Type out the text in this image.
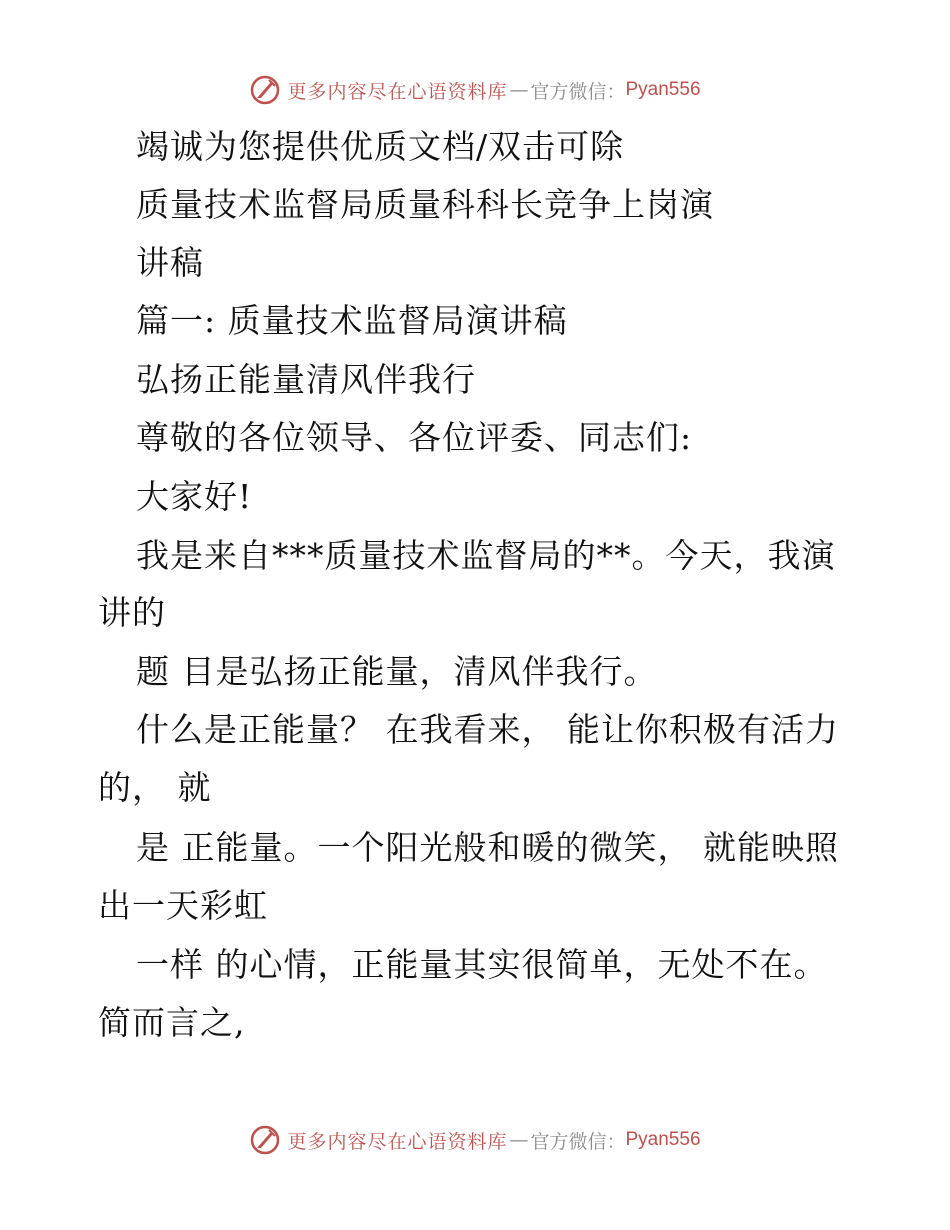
更多内容尽在心语资料库 — 官方微信： Pyan556
竭诚为您提供优质文档/双击可除
质量技术监督局质量科科长竞争上岗演
讲稿
篇一: 质量技术监督局演讲稿
弘扬正能量清风伴我行
尊敬的各位领导、各位评委、同志们:
大家好!
我是来自***质量技术监督局的**。今天，我演
讲的
题 目是弘扬正能量，清风伴我行。
什么是正能量？ 在我看来， 能让你积极有活力
的， 就
是 正能量。一个阳光般和暖的微笑， 就能映照
出一天彩虹
一样 的心情，正能量其实很简单，无处不在。
简而言之,
更多内容尽在心语资料库 — 官方微信： Pyan556
